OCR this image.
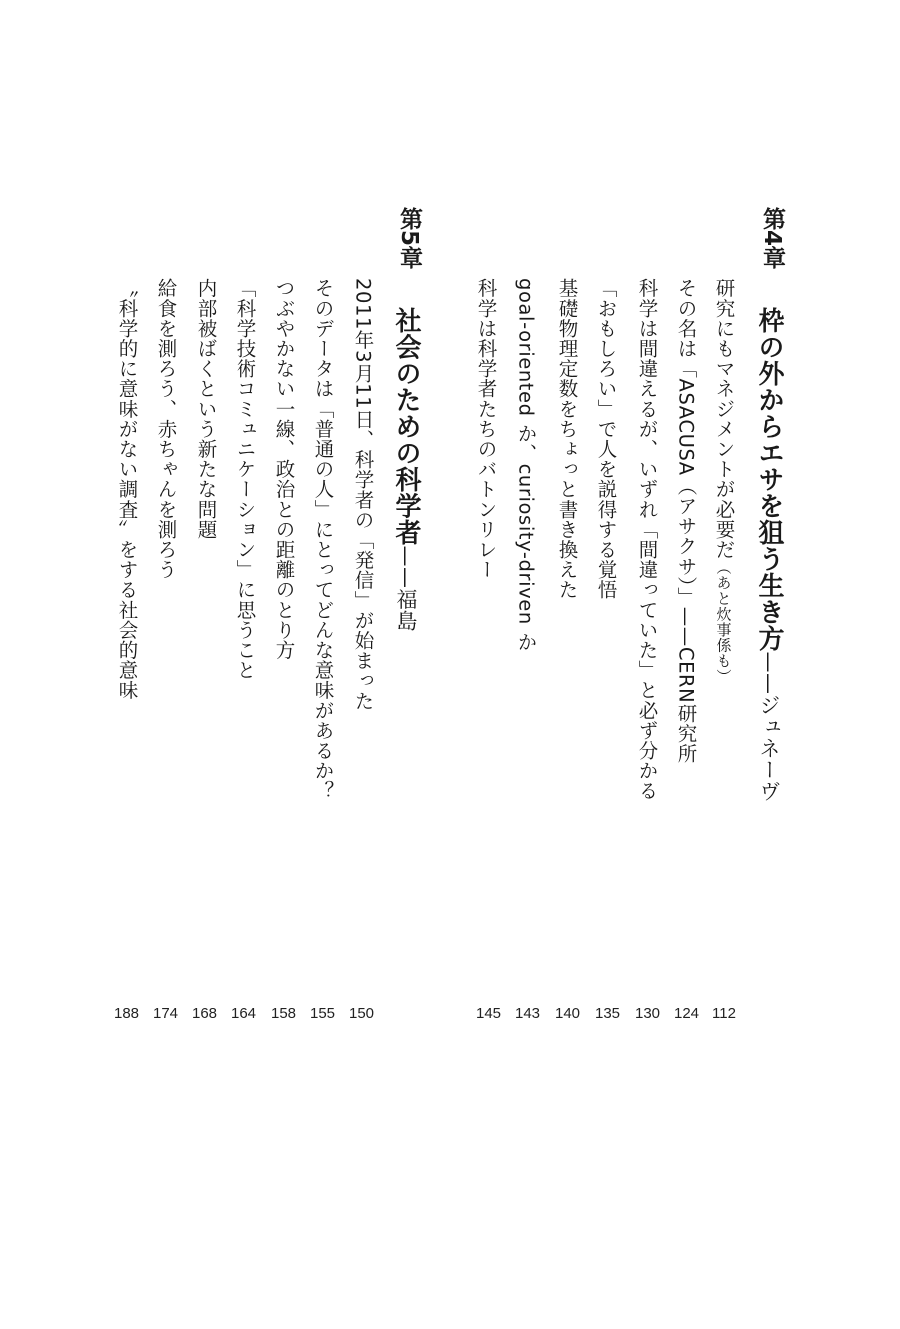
第4章
枠の外からエサを狙う生き方——ジュネーヴ
研究にもマネジメントが必要だ（あと炊事係も）
その名は「ASACUSA（アサクサ）」——CERN研究所
科学は間違えるが、いずれ「間違っていた」と必ず分かる
「おもしろい」で人を説得する覚悟
基礎物理定数をちょっと書き換えた
goal-oriented か、curiosity-driven か
科学は科学者たちのバトンリレー
第5章
社会のための科学者——福島
2011年3月11日、科学者の「発信」が始まった
そのデータは「普通の人」にとってどんな意味があるか？
つぶやかない一線、政治との距離のとり方
「科学技術コミュニケーション」に思うこと
内部被ばくという新たな問題
給食を測ろう、赤ちゃんを測ろう
〝科学的に意味がない調査〟をする社会的意味
112
124
130
135
140
143
145
150
155
158
164
168
174
188
